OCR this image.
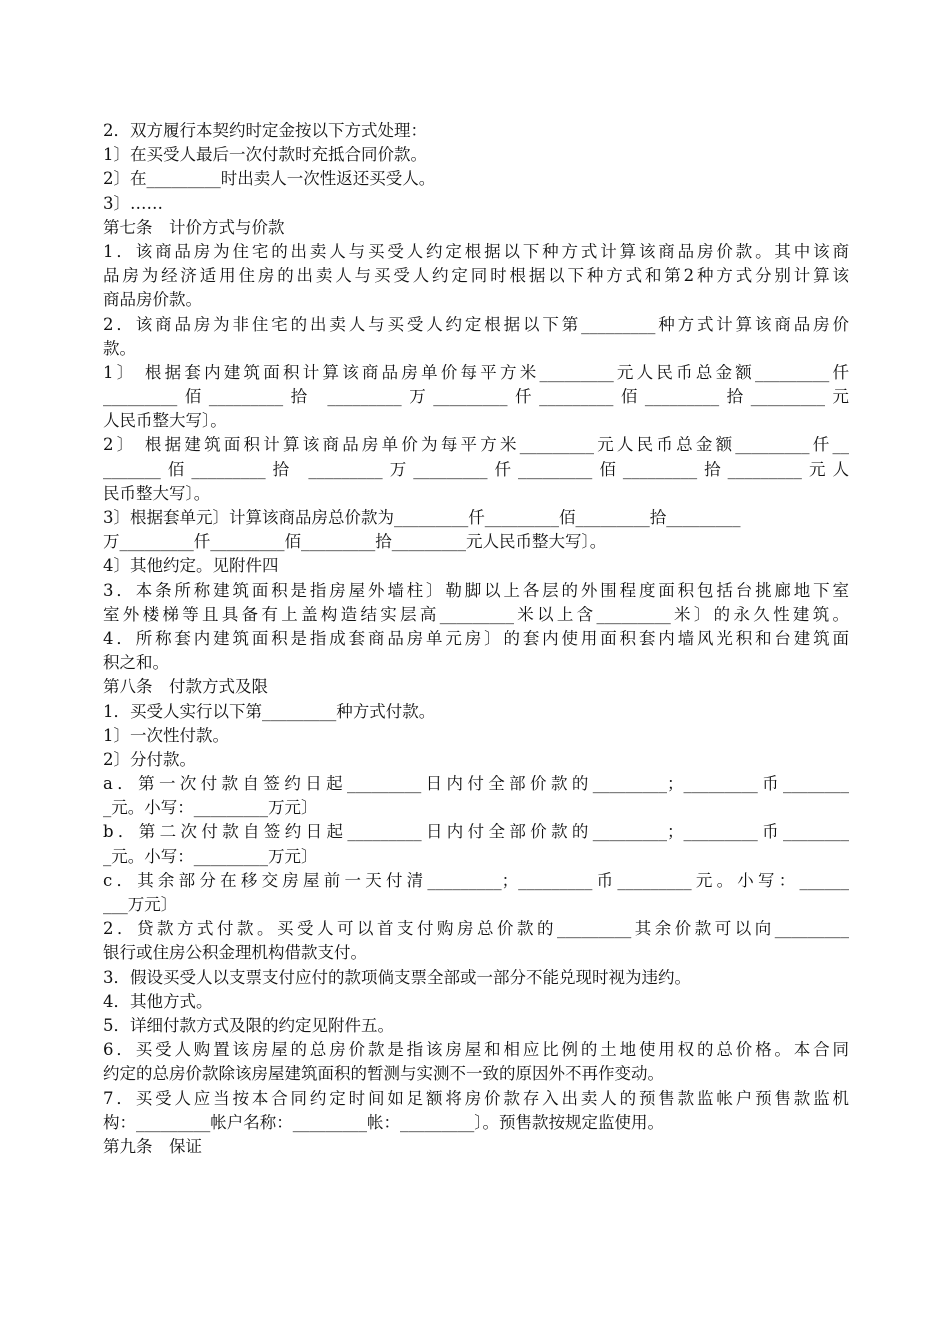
2．双方履行本契约时定金按以下方式处理：
1〕在买受人最后一次付款时充抵合同价款。
2〕在_________时出卖人一次性返还买受人。
3〕……
第七条　计价方式与价款
1．该商品房为住宅的出卖人与买受人约定根据以下种方式计算该商品房价款。其中该商
品房为经济适用住房的出卖人与买受人约定同时根据以下种方式和第2种方式分别计算该
商品房价款。
2．该商品房为非住宅的出卖人与买受人约定根据以下第_________种方式计算该商品房价
款。
1〕 根据套内建筑面积计算该商品房单价每平方米_________元人民币总金额_________仟
_________佰_________拾 _________万_________仟_________佰_________拾_________元
人民币整大写〕。
2〕 根据建筑面积计算该商品房单价为每平方米_________元人民币总金额_________仟__
_______佰_________拾 _________万_________仟_________佰_________拾_________元人
民币整大写〕。
3〕根据套单元〕计算该商品房总价款为_________仟_________佰_________拾_________
万_________仟_________佰_________拾_________元人民币整大写〕。
4〕其他约定。见附件四
3．本条所称建筑面积是指房屋外墙柱〕勒脚以上各层的外围程度面积包括台挑廊地下室
室外楼梯等且具备有上盖构造结实层高_________米以上含_________米〕的永久性建筑。
4．所称套内建筑面积是指成套商品房单元房〕的套内使用面积套内墙风光积和台建筑面
积之和。
第八条　付款方式及限
1．买受人实行以下第_________种方式付款。
1〕一次性付款。
2〕分付款。
a．第一次付款自签约日起_________日内付全部价款的_________；_________币________
_元。小写：_________万元〕
b．第二次付款自签约日起_________日内付全部价款的_________；_________币________
_元。小写：_________万元〕
c．其余部分在移交房屋前一天付清_________；_________币_________元。小写：______
___万元〕
2．贷款方式付款。买受人可以首支付购房总价款的_________其余价款可以向_________
银行或住房公积金理机构借款支付。
3．假设买受人以支票支付应付的款项倘支票全部或一部分不能兑现时视为违约。
4．其他方式。
5．详细付款方式及限的约定见附件五。
6．买受人购置该房屋的总房价款是指该房屋和相应比例的土地使用权的总价格。本合同
约定的总房价款除该房屋建筑面积的暂测与实测不一致的原因外不再作变动。
7．买受人应当按本合同约定时间如足额将房价款存入出卖人的预售款监帐户预售款监机
构：_________帐户名称：_________帐：_________〕。预售款按规定监使用。
第九条　保证
